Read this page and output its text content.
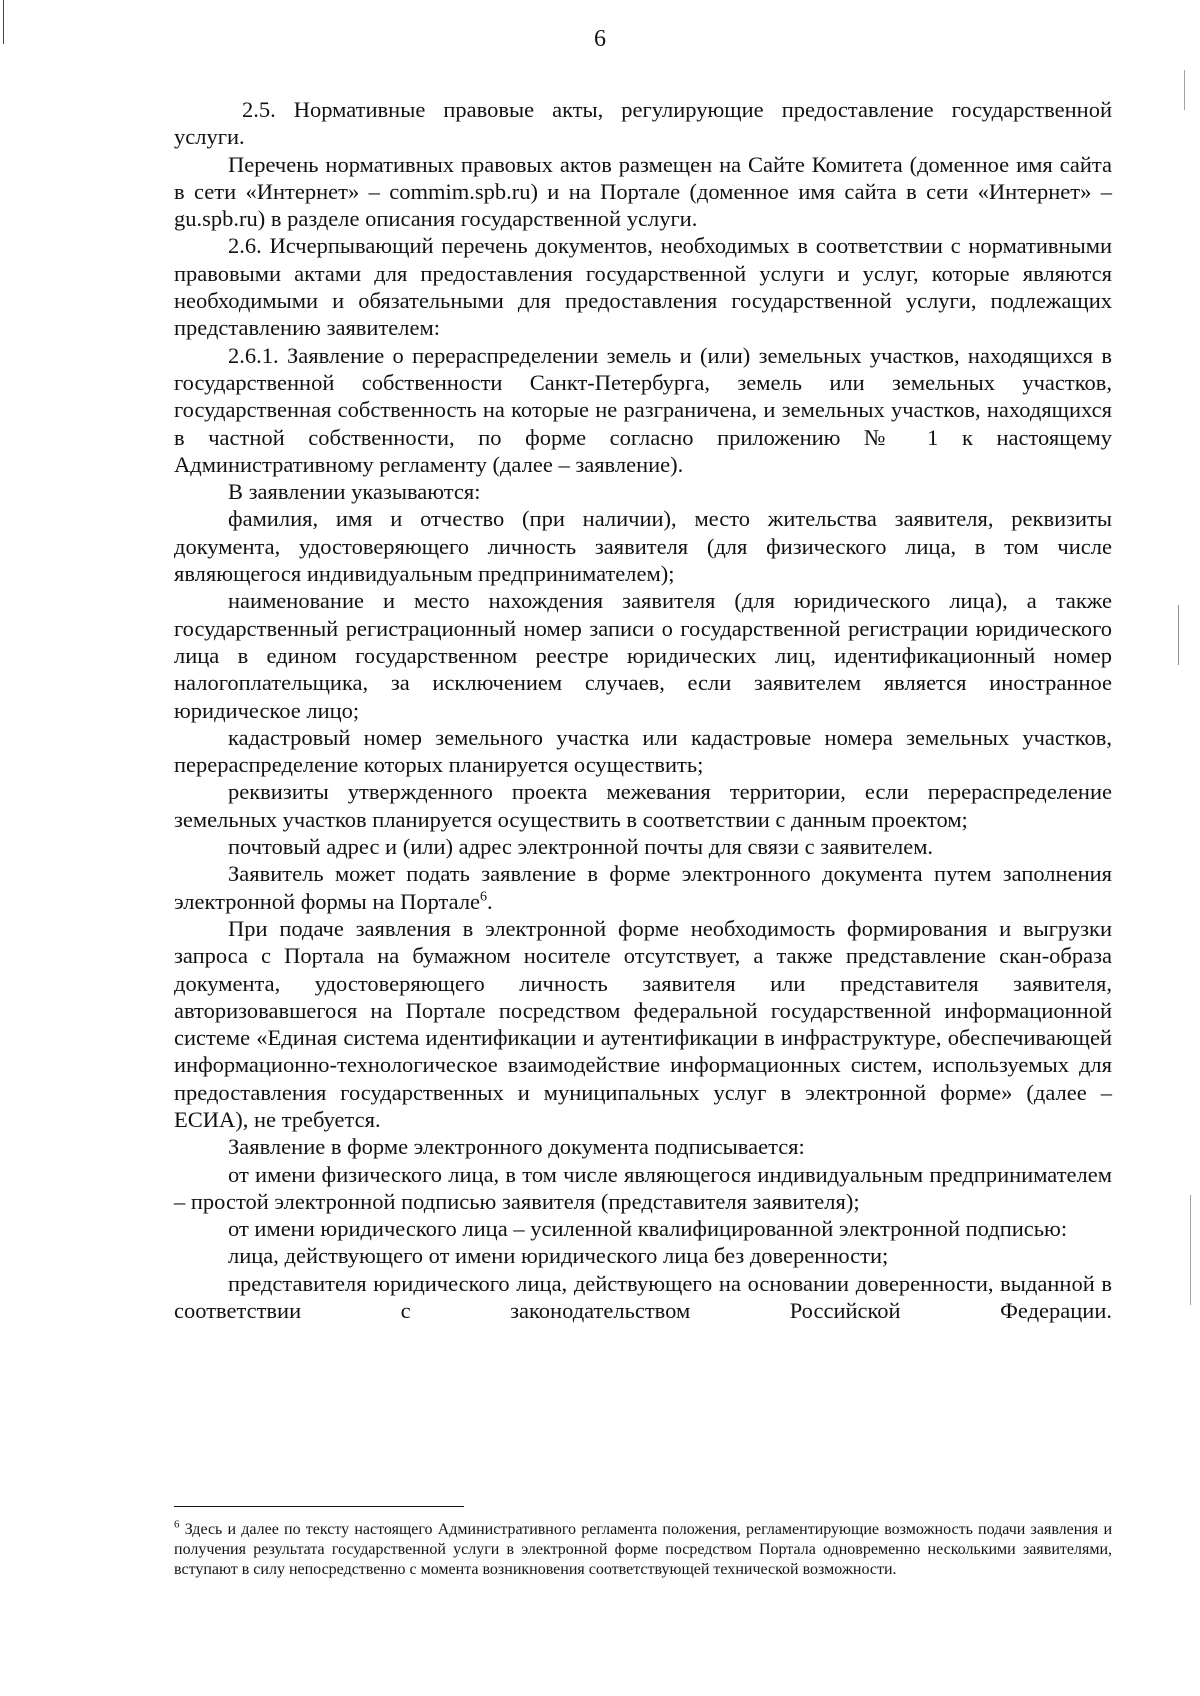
6

2.5. Нормативные правовые акты, регулирующие предоставление государственной услуги.

Перечень нормативных правовых актов размещен на Сайте Комитета (доменное имя сайта в сети «Интернет» – commim.spb.ru) и на Портале (доменное имя сайта в сети «Интернет» – gu.spb.ru) в разделе описания государственной услуги.

2.6. Исчерпывающий перечень документов, необходимых в соответствии с нормативными правовыми актами для предоставления государственной услуги и услуг, которые являются необходимыми и обязательными для предоставления государственной услуги, подлежащих представлению заявителем:

2.6.1. Заявление о перераспределении земель и (или) земельных участков, находящихся в государственной собственности Санкт-Петербурга, земель или земельных участков, государственная собственность на которые не разграничена, и земельных участков, находящихся в частной собственности, по форме согласно приложению № 1 к настоящему Административному регламенту (далее – заявление).

В заявлении указываются:

фамилия, имя и отчество (при наличии), место жительства заявителя, реквизиты документа, удостоверяющего личность заявителя (для физического лица, в том числе являющегося индивидуальным предпринимателем);

наименование и место нахождения заявителя (для юридического лица), а также государственный регистрационный номер записи о государственной регистрации юридического лица в едином государственном реестре юридических лиц, идентификационный номер налогоплательщика, за исключением случаев, если заявителем является иностранное юридическое лицо;

кадастровый номер земельного участка или кадастровые номера земельных участков, перераспределение которых планируется осуществить;

реквизиты утвержденного проекта межевания территории, если перераспределение земельных участков планируется осуществить в соответствии с данным проектом;

почтовый адрес и (или) адрес электронной почты для связи с заявителем.

Заявитель может подать заявление в форме электронного документа путем заполнения электронной формы на Портале$^6$.

При подаче заявления в электронной форме необходимость формирования и выгрузки запроса с Портала на бумажном носителе отсутствует, а также представление скан-образа документа, удостоверяющего личность заявителя или представителя заявителя, авторизовавшегося на Портале посредством федеральной государственной информационной системе «Единая система идентификации и аутентификации в инфраструктуре, обеспечивающей информационно-технологическое взаимодействие информационных систем, используемых для предоставления государственных и муниципальных услуг в электронной форме» (далее – ЕСИА), не требуется.

Заявление в форме электронного документа подписывается:

от имени физического лица, в том числе являющегося индивидуальным предпринимателем – простой электронной подписью заявителя (представителя заявителя);

от имени юридического лица – усиленной квалифицированной электронной подписью:

лица, действующего от имени юридического лица без доверенности;

представителя юридического лица, действующего на основании доверенности, выданной в соответствии с законодательством Российской Федерации.

$^6$ Здесь и далее по тексту настоящего Административного регламента положения, регламентирующие возможность подачи заявления и получения результата государственной услуги в электронной форме посредством Портала одновременно несколькими заявителями, вступают в силу непосредственно с момента возникновения соответствующей технической возможности.
